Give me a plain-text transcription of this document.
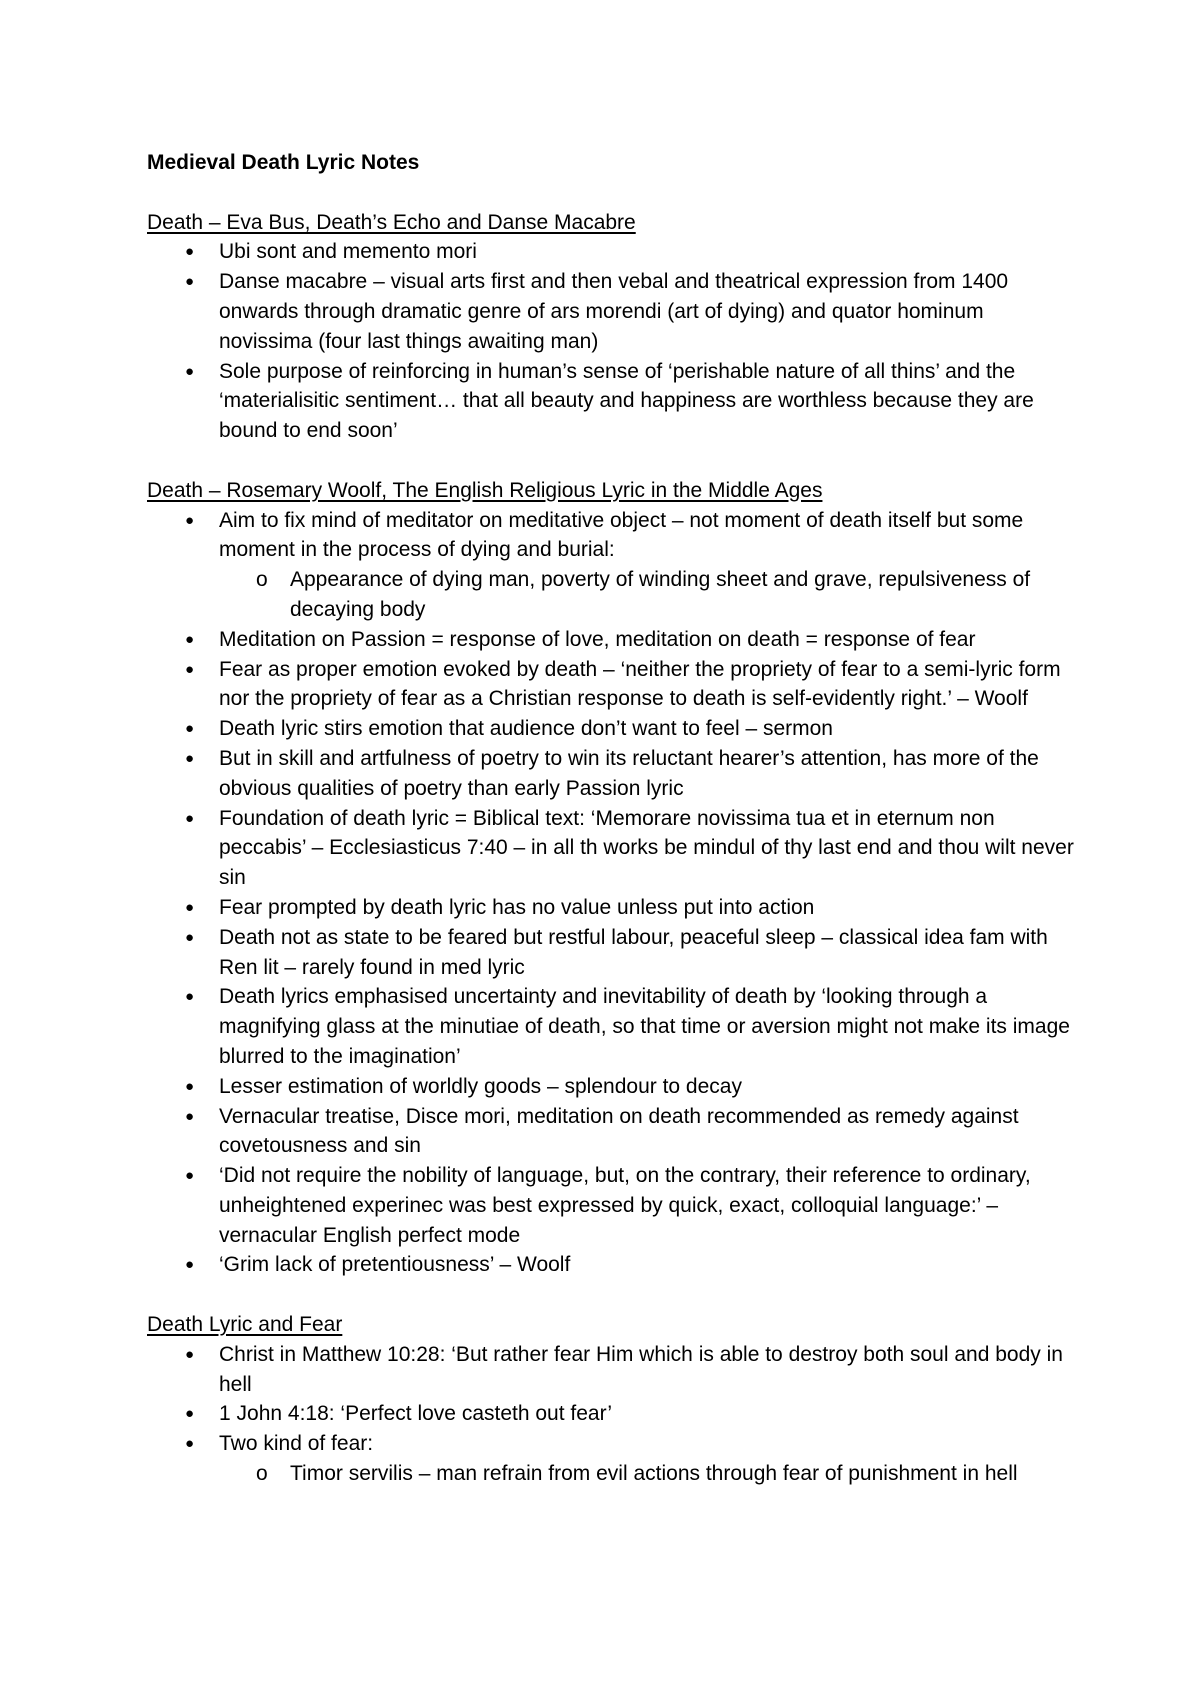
Medieval Death Lyric Notes
Death – Eva Bus, Death’s Echo and Danse Macabre
●	Ubi sont and memento mori
●	Danse macabre – visual arts first and then vebal and theatrical expression from 1400 onwards through dramatic genre of ars morendi (art of dying) and quator hominum novissima (four last things awaiting man)
●	Sole purpose of reinforcing in human’s sense of ‘perishable nature of all thins’ and the ‘materialisitic sentiment… that all beauty and happiness are worthless because they are bound to end soon’
Death – Rosemary Woolf, The English Religious Lyric in the Middle Ages
●	Aim to fix mind of meditator on meditative object – not moment of death itself but some moment in the process of dying and burial:
o	Appearance of dying man, poverty of winding sheet and grave, repulsiveness of decaying body
●	Meditation on Passion = response of love, meditation on death = response of fear
●	Fear as proper emotion evoked by death – ‘neither the propriety of fear to a semi-lyric form nor the propriety of fear as a Christian response to death is self-evidently right.’ – Woolf
●	Death lyric stirs emotion that audience don’t want to feel – sermon
●	But in skill and artfulness of poetry to win its reluctant hearer’s attention, has more of the obvious qualities of poetry than early Passion lyric
●	Foundation of death lyric = Biblical text: ‘Memorare novissima tua et in eternum non peccabis’ – Ecclesiasticus 7:40 – in all th works be mindul of thy last end and thou wilt never sin
●	Fear prompted by death lyric has no value unless put into action
●	Death not as state to be feared but restful labour, peaceful sleep – classical idea fam with Ren lit – rarely found in med lyric
●	Death lyrics emphasised uncertainty and inevitability of death by ‘looking through a magnifying glass at the minutiae of death, so that time or aversion might not make its image blurred to the imagination’
●	Lesser estimation of worldly goods – splendour to decay
●	Vernacular treatise, Disce mori, meditation on death recommended as remedy against covetousness and sin
●	‘Did not require the nobility of language, but, on the contrary, their reference to ordinary, unheightened experinec was best expressed by quick, exact, colloquial language:’ – vernacular English perfect mode
●	‘Grim lack of pretentiousness’ – Woolf
Death Lyric and Fear
●	Christ in Matthew 10:28: ‘But rather fear Him which is able to destroy both soul and body in hell
●	1 John 4:18: ‘Perfect love casteth out fear’
●	Two kind of fear:
o	Timor servilis – man refrain from evil actions through fear of punishment in hell
